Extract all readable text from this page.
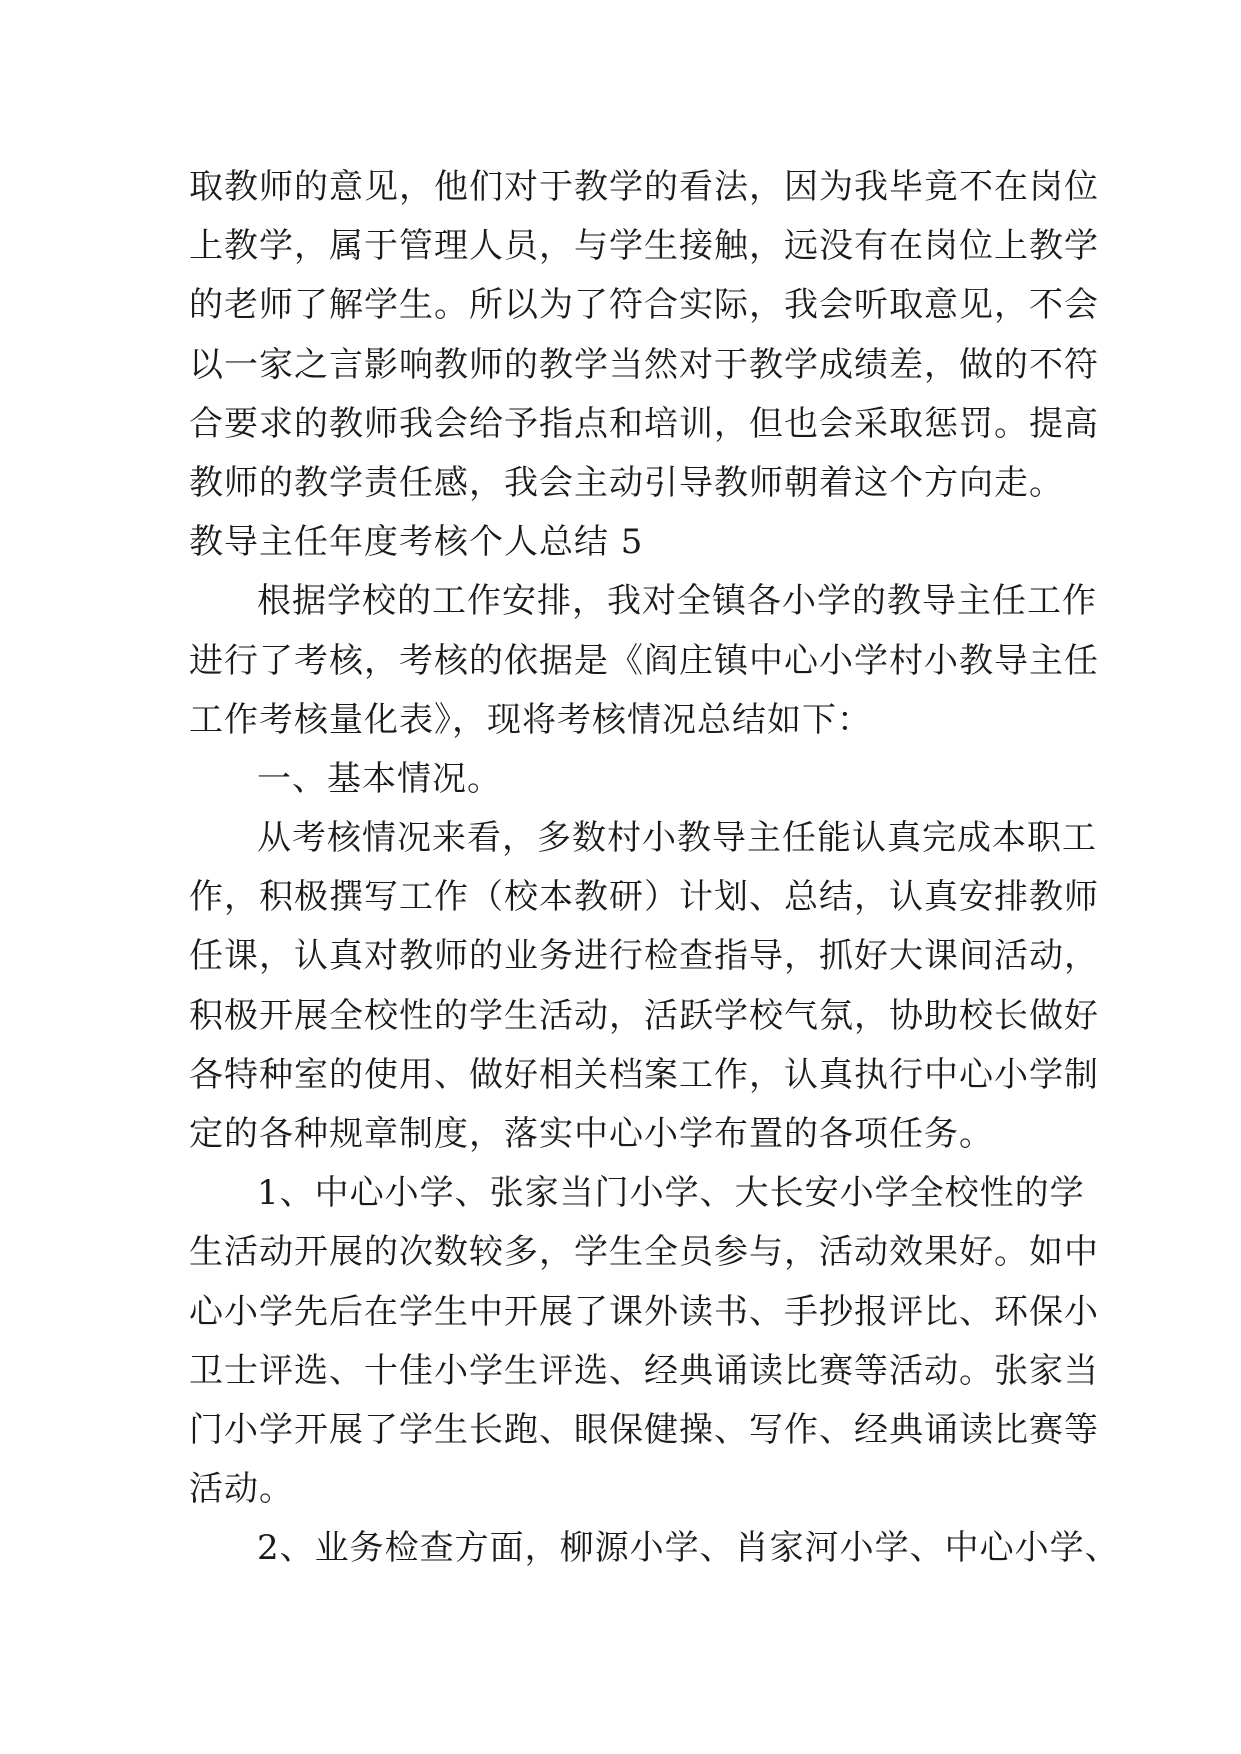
取教师的意见，他们对于教学的看法，因为我毕竟不在岗位
上教学，属于管理人员，与学生接触，远没有在岗位上教学
的老师了解学生。所以为了符合实际，我会听取意见，不会
以一家之言影响教师的教学当然对于教学成绩差，做的不符
合要求的教师我会给予指点和培训，但也会采取惩罚。提高
教师的教学责任感，我会主动引导教师朝着这个方向走。
教导主任年度考核个人总结 5
根据学校的工作安排，我对全镇各小学的教导主任工作
进行了考核，考核的依据是《阎庄镇中心小学村小教导主任
工作考核量化表》，现将考核情况总结如下：
一、基本情况。
从考核情况来看，多数村小教导主任能认真完成本职工
作，积极撰写工作（校本教研）计划、总结，认真安排教师
任课，认真对教师的业务进行检查指导，抓好大课间活动，
积极开展全校性的学生活动，活跃学校气氛，协助校长做好
各特种室的使用、做好相关档案工作，认真执行中心小学制
定的各种规章制度，落实中心小学布置的各项任务。
1、中心小学、张家当门小学、大长安小学全校性的学
生活动开展的次数较多，学生全员参与，活动效果好。如中
心小学先后在学生中开展了课外读书、手抄报评比、环保小
卫士评选、十佳小学生评选、经典诵读比赛等活动。张家当
门小学开展了学生长跑、眼保健操、写作、经典诵读比赛等
活动。
2、业务检查方面，柳源小学、肖家河小学、中心小学、
